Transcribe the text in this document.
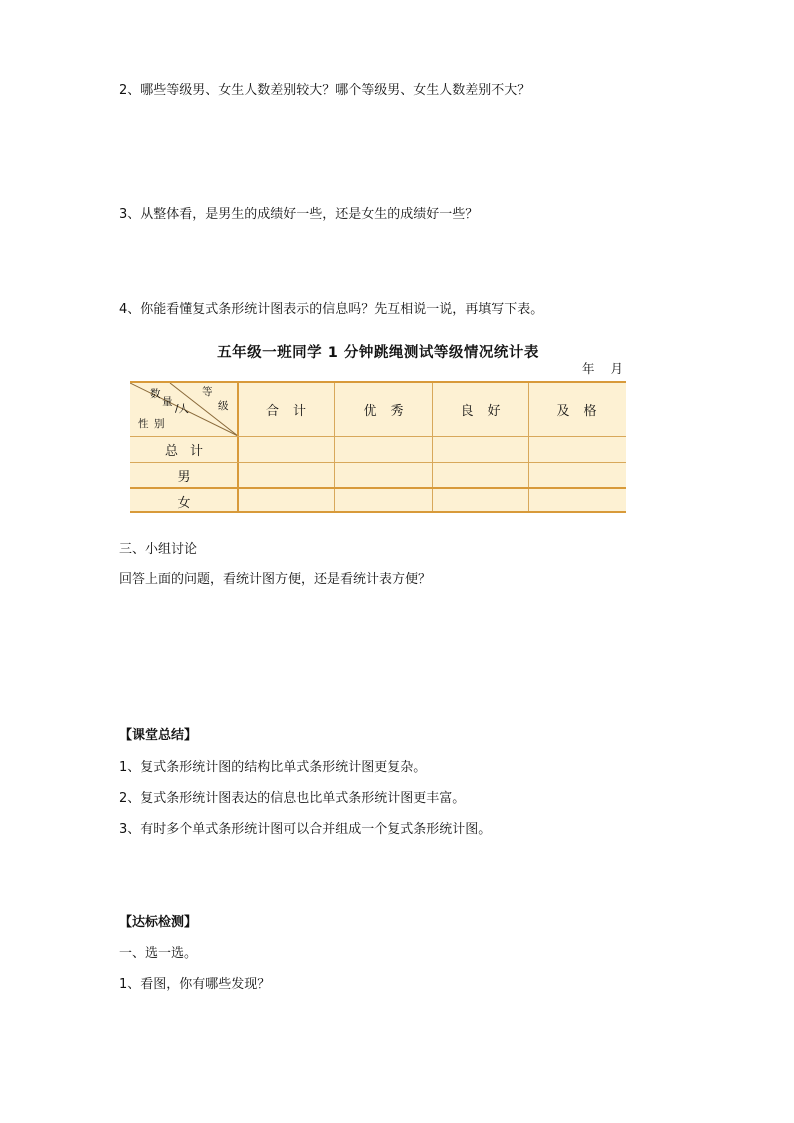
2、哪些等级男、女生人数差别较大？哪个等级男、女生人数差别不大？
3、从整体看，是男生的成绩好一些，还是女生的成绩好一些？
4、你能看懂复式条形统计图表示的信息吗？先互相说一说，再填写下表。
五年级一班同学 1 分钟跳绳测试等级情况统计表
年 月
数
量
/人
等
级
性 别
合计	优秀	良好	及格
总计
男
女
三、小组讨论
回答上面的问题，看统计图方便，还是看统计表方便？
【课堂总结】
1、复式条形统计图的结构比单式条形统计图更复杂。
2、复式条形统计图表达的信息也比单式条形统计图更丰富。
3、有时多个单式条形统计图可以合并组成一个复式条形统计图。
【达标检测】
一、选一选。
1、看图，你有哪些发现？
